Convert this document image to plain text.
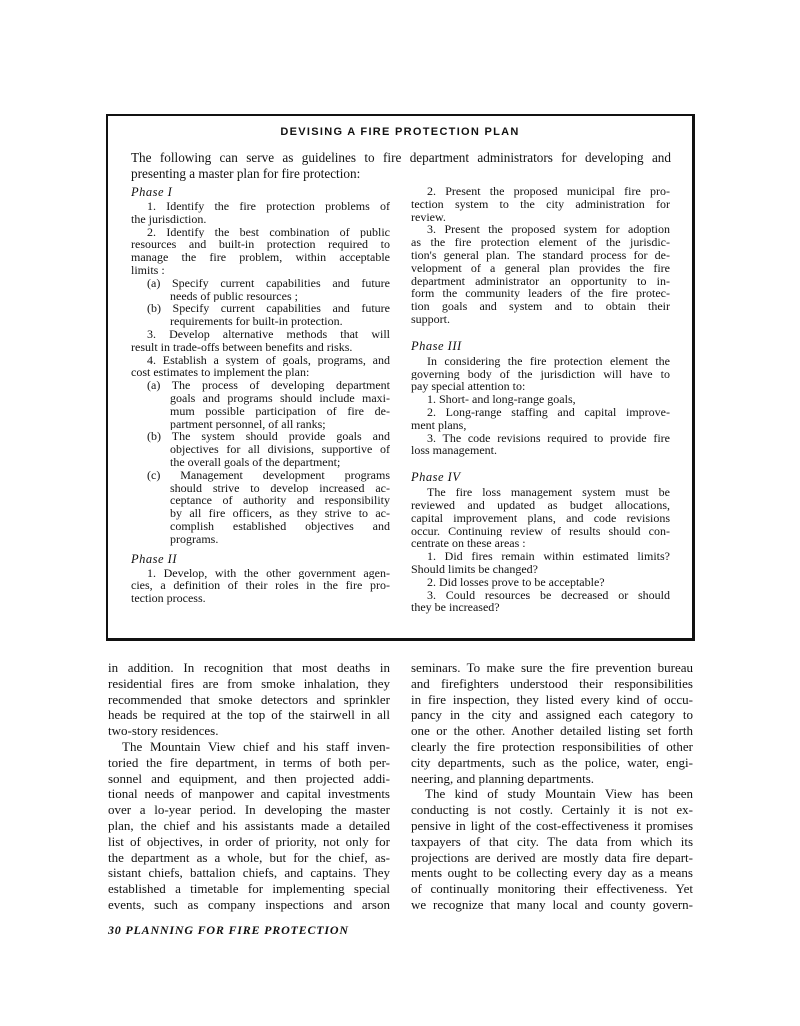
DEVISING A FIRE PROTECTION PLAN
The following can serve as guidelines to fire department administrators for developing and
presenting a master plan for fire protection:
Phase I
1. Identify the fire protection problems of
the jurisdiction.
2. Identify the best combination of public
resources and built-in protection required to
manage the fire problem, within acceptable
limits :
(a) Specify current capabilities and future
needs of public resources ;
(b) Specify current capabilities and future
requirements for built-in protection.
3. Develop alternative methods that will
result in trade-offs between benefits and risks.
4. Establish a system of goals, programs, and
cost estimates to implement the plan:
(a) The process of developing department
goals and programs should include maxi-
mum possible participation of fire de-
partment personnel, of all ranks;
(b) The system should provide goals and
objectives for all divisions, supportive of
the overall goals of the department;
(c) Management development programs
should strive to develop increased ac-
ceptance of authority and responsibility
by all fire officers, as they strive to ac-
complish established objectives and
programs.
Phase II
1. Develop, with the other government agen-
cies, a definition of their roles in the fire pro-
tection process.
2. Present the proposed municipal fire pro-
tection system to the city administration for
review.
3. Present the proposed system for adoption
as the fire protection element of the jurisdic-
tion's general plan. The standard process for de-
velopment of a general plan provides the fire
department administrator an opportunity to in-
form the community leaders of the fire protec-
tion goals and system and to obtain their
support.
Phase III
In considering the fire protection element the
governing body of the jurisdiction will have to
pay special attention to:
1. Short- and long-range goals,
2. Long-range staffing and capital improve-
ment plans,
3. The code revisions required to provide fire
loss management.
Phase IV
The fire loss management system must be
reviewed and updated as budget allocations,
capital improvement plans, and code revisions
occur. Continuing review of results should con-
centrate on these areas :
1. Did fires remain within estimated limits?
Should limits be changed?
2. Did losses prove to be acceptable?
3. Could resources be decreased or should
they be increased?
in addition. In recognition that most deaths in
residential fires are from smoke inhalation, they
recommended that smoke detectors and sprinkler
heads be required at the top of the stairwell in all
two-story residences.
The Mountain View chief and his staff inven-
toried the fire department, in terms of both per-
sonnel and equipment, and then projected addi-
tional needs of manpower and capital investments
over a lo-year period. In developing the master
plan, the chief and his assistants made a detailed
list of objectives, in order of priority, not only for
the department as a whole, but for the chief, as-
sistant chiefs, battalion chiefs, and captains. They
established a timetable for implementing special
events, such as company inspections and arson
seminars. To make sure the fire prevention bureau
and firefighters understood their responsibilities
in fire inspection, they listed every kind of occu-
pancy in the city and assigned each category to
one or the other. Another detailed listing set forth
clearly the fire protection responsibilities of other
city departments, such as the police, water, engi-
neering, and planning departments.
The kind of study Mountain View has been
conducting is not costly. Certainly it is not ex-
pensive in light of the cost-effectiveness it promises
taxpayers of that city. The data from which its
projections are derived are mostly data fire depart-
ments ought to be collecting every day as a means
of continually monitoring their effectiveness. Yet
we recognize that many local and county govern-
30 PLANNING FOR FIRE PROTECTION
